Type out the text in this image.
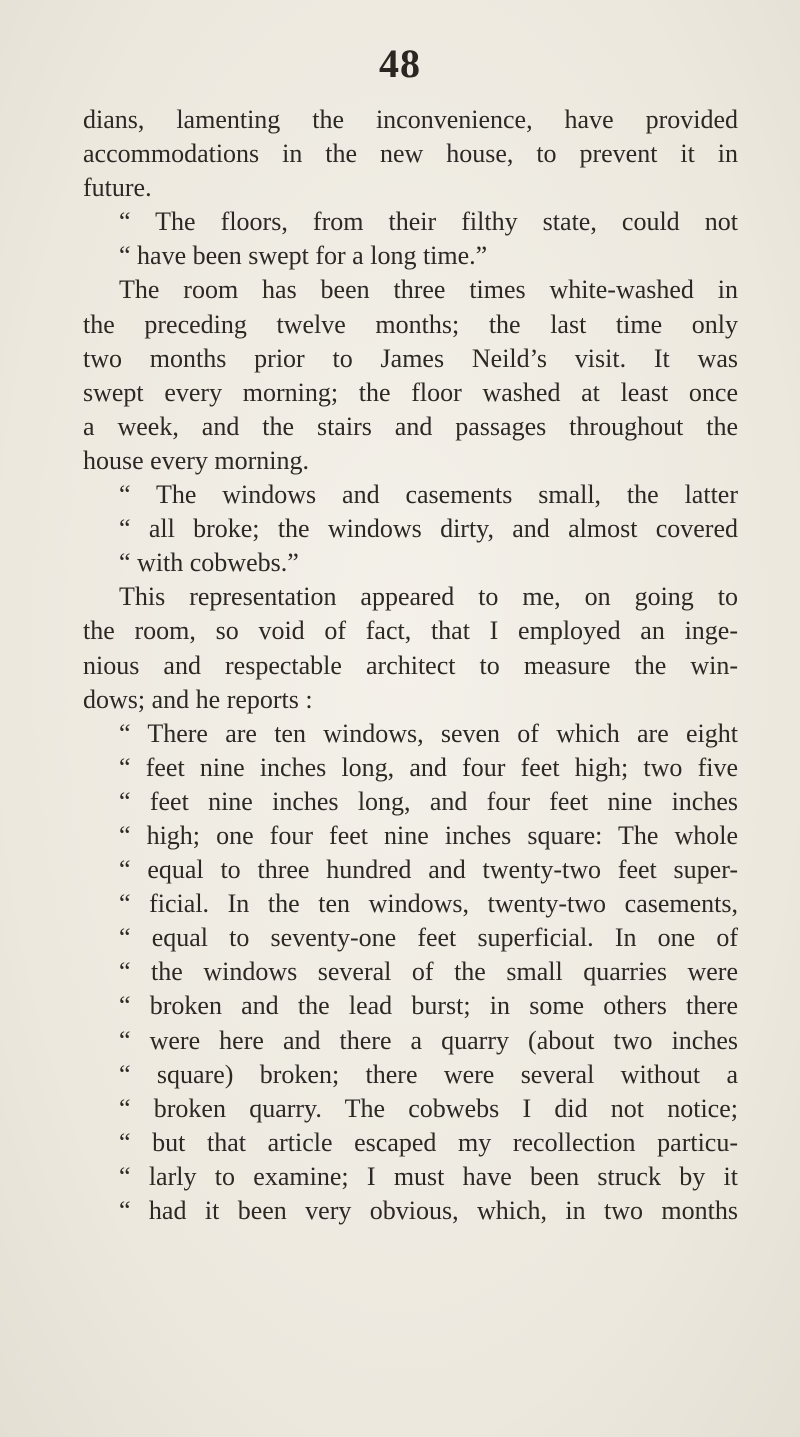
48
dians, lamenting the inconvenience, have provided
accommodations in the new house, to prevent it in
future.
“ The floors, from their filthy state, could not
“ have been swept for a long time.”
The room has been three times white-washed in
the preceding twelve months; the last time only
two months prior to James Neild’s visit. It was
swept every morning; the floor washed at least once
a week, and the stairs and passages throughout the
house every morning.
“ The windows and casements small, the latter
“ all broke; the windows dirty, and almost covered
“ with cobwebs.”
This representation appeared to me, on going to
the room, so void of fact, that I employed an inge-
nious and respectable architect to measure the win-
dows; and he reports :
“ There are ten windows, seven of which are eight
“ feet nine inches long, and four feet high; two five
“ feet nine inches long, and four feet nine inches
“ high; one four feet nine inches square: The whole
“ equal to three hundred and twenty-two feet super-
“ ficial. In the ten windows, twenty-two casements,
“ equal to seventy-one feet superficial. In one of
“ the windows several of the small quarries were
“ broken and the lead burst; in some others there
“ were here and there a quarry (about two inches
“ square) broken; there were several without a
“ broken quarry. The cobwebs I did not notice;
“ but that article escaped my recollection particu-
“ larly to examine; I must have been struck by it
“ had it been very obvious, which, in two months
